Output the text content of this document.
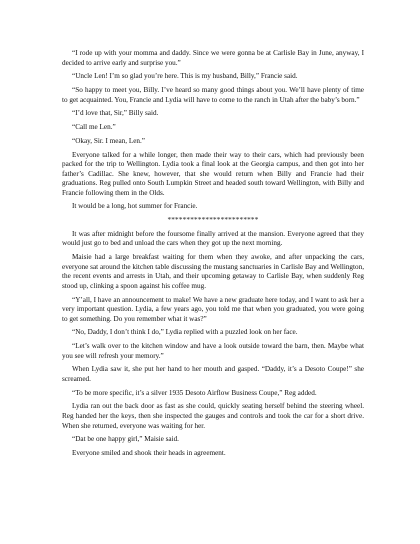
“I rode up with your momma and daddy. Since we were gonna be at Carlisle Bay in June, anyway, I decided to arrive early and surprise you.”

“Uncle Len! I’m so glad you’re here. This is my husband, Billy,” Francie said.

“So happy to meet you, Billy. I’ve heard so many good things about you. We’ll have plenty of time to get acquainted. You, Francie and Lydia will have to come to the ranch in Utah after the baby’s born.”

“I’d love that, Sir,” Billy said.

“Call me Len.”

“Okay, Sir. I mean, Len.”

Everyone talked for a while longer, then made their way to their cars, which had previously been packed for the trip to Wellington. Lydia took a final look at the Georgia campus, and then got into her father’s Cadillac. She knew, however, that she would return when Billy and Francie had their graduations. Reg pulled onto South Lumpkin Street and headed south toward Wellington, with Billy and Francie following them in the Olds.

It would be a long, hot summer for Francie.

************************

It was after midnight before the foursome finally arrived at the mansion. Everyone agreed that they would just go to bed and unload the cars when they got up the next morning.

Maisie had a large breakfast waiting for them when they awoke, and after unpacking the cars, everyone sat around the kitchen table discussing the mustang sanctuaries in Carlisle Bay and Wellington, the recent events and arrests in Utah, and their upcoming getaway to Carlisle Bay, when suddenly Reg stood up, clinking a spoon against his coffee mug.

“Y’all, I have an announcement to make! We have a new graduate here today, and I want to ask her a very important question. Lydia, a few years ago, you told me that when you graduated, you were going to get something. Do you remember what it was?”

“No, Daddy, I don’t think I do,” Lydia replied with a puzzled look on her face.

“Let’s walk over to the kitchen window and have a look outside toward the barn, then. Maybe what you see will refresh your memory.”

When Lydia saw it, she put her hand to her mouth and gasped. “Daddy, it’s a Desoto Coupe!” she screamed.

“To be more specific, it’s a silver 1935 Desoto Airflow Business Coupe,” Reg added.

Lydia ran out the back door as fast as she could, quickly seating herself behind the steering wheel. Reg handed her the keys, then she inspected the gauges and controls and took the car for a short drive. When she returned, everyone was waiting for her.

“Dat be one happy girl,” Maisie said.

Everyone smiled and shook their heads in agreement.
